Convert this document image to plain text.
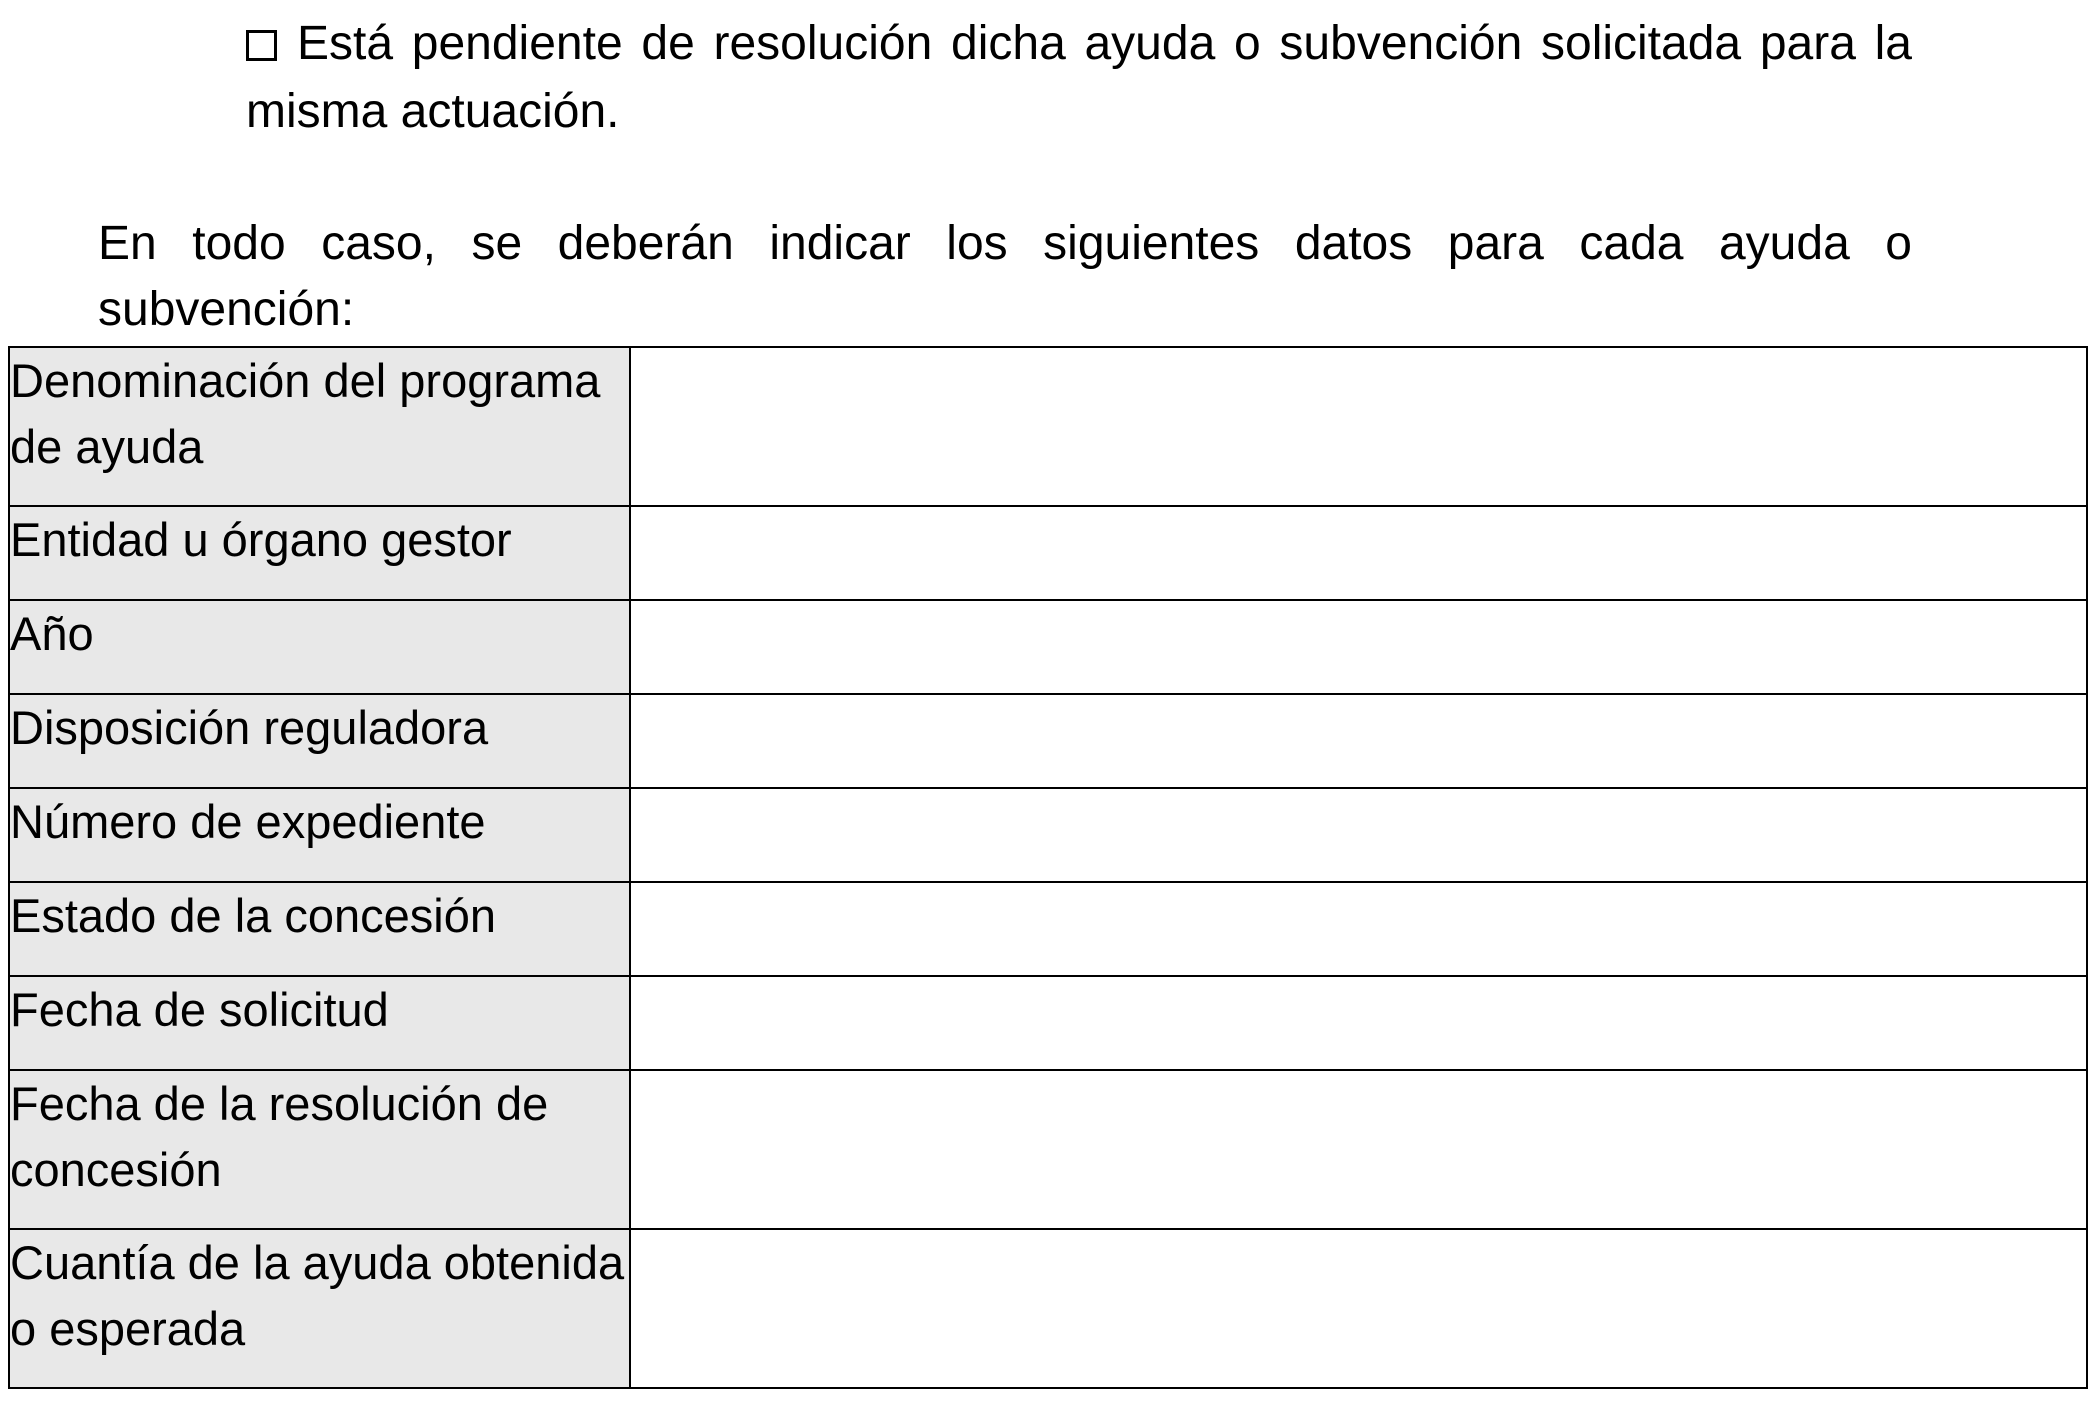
Está pendiente de resolución dicha ayuda o subvención solicitada para la misma actuación.
En todo caso, se deberán indicar los siguientes datos para cada ayuda o
subvención:
Denominación del programa de ayuda	
Entidad u órgano gestor	
Año	
Disposición reguladora	
Número de expediente	
Estado de la concesión	
Fecha de solicitud	
Fecha de la resolución de concesión	
Cuantía de la ayuda obtenida o esperada	
